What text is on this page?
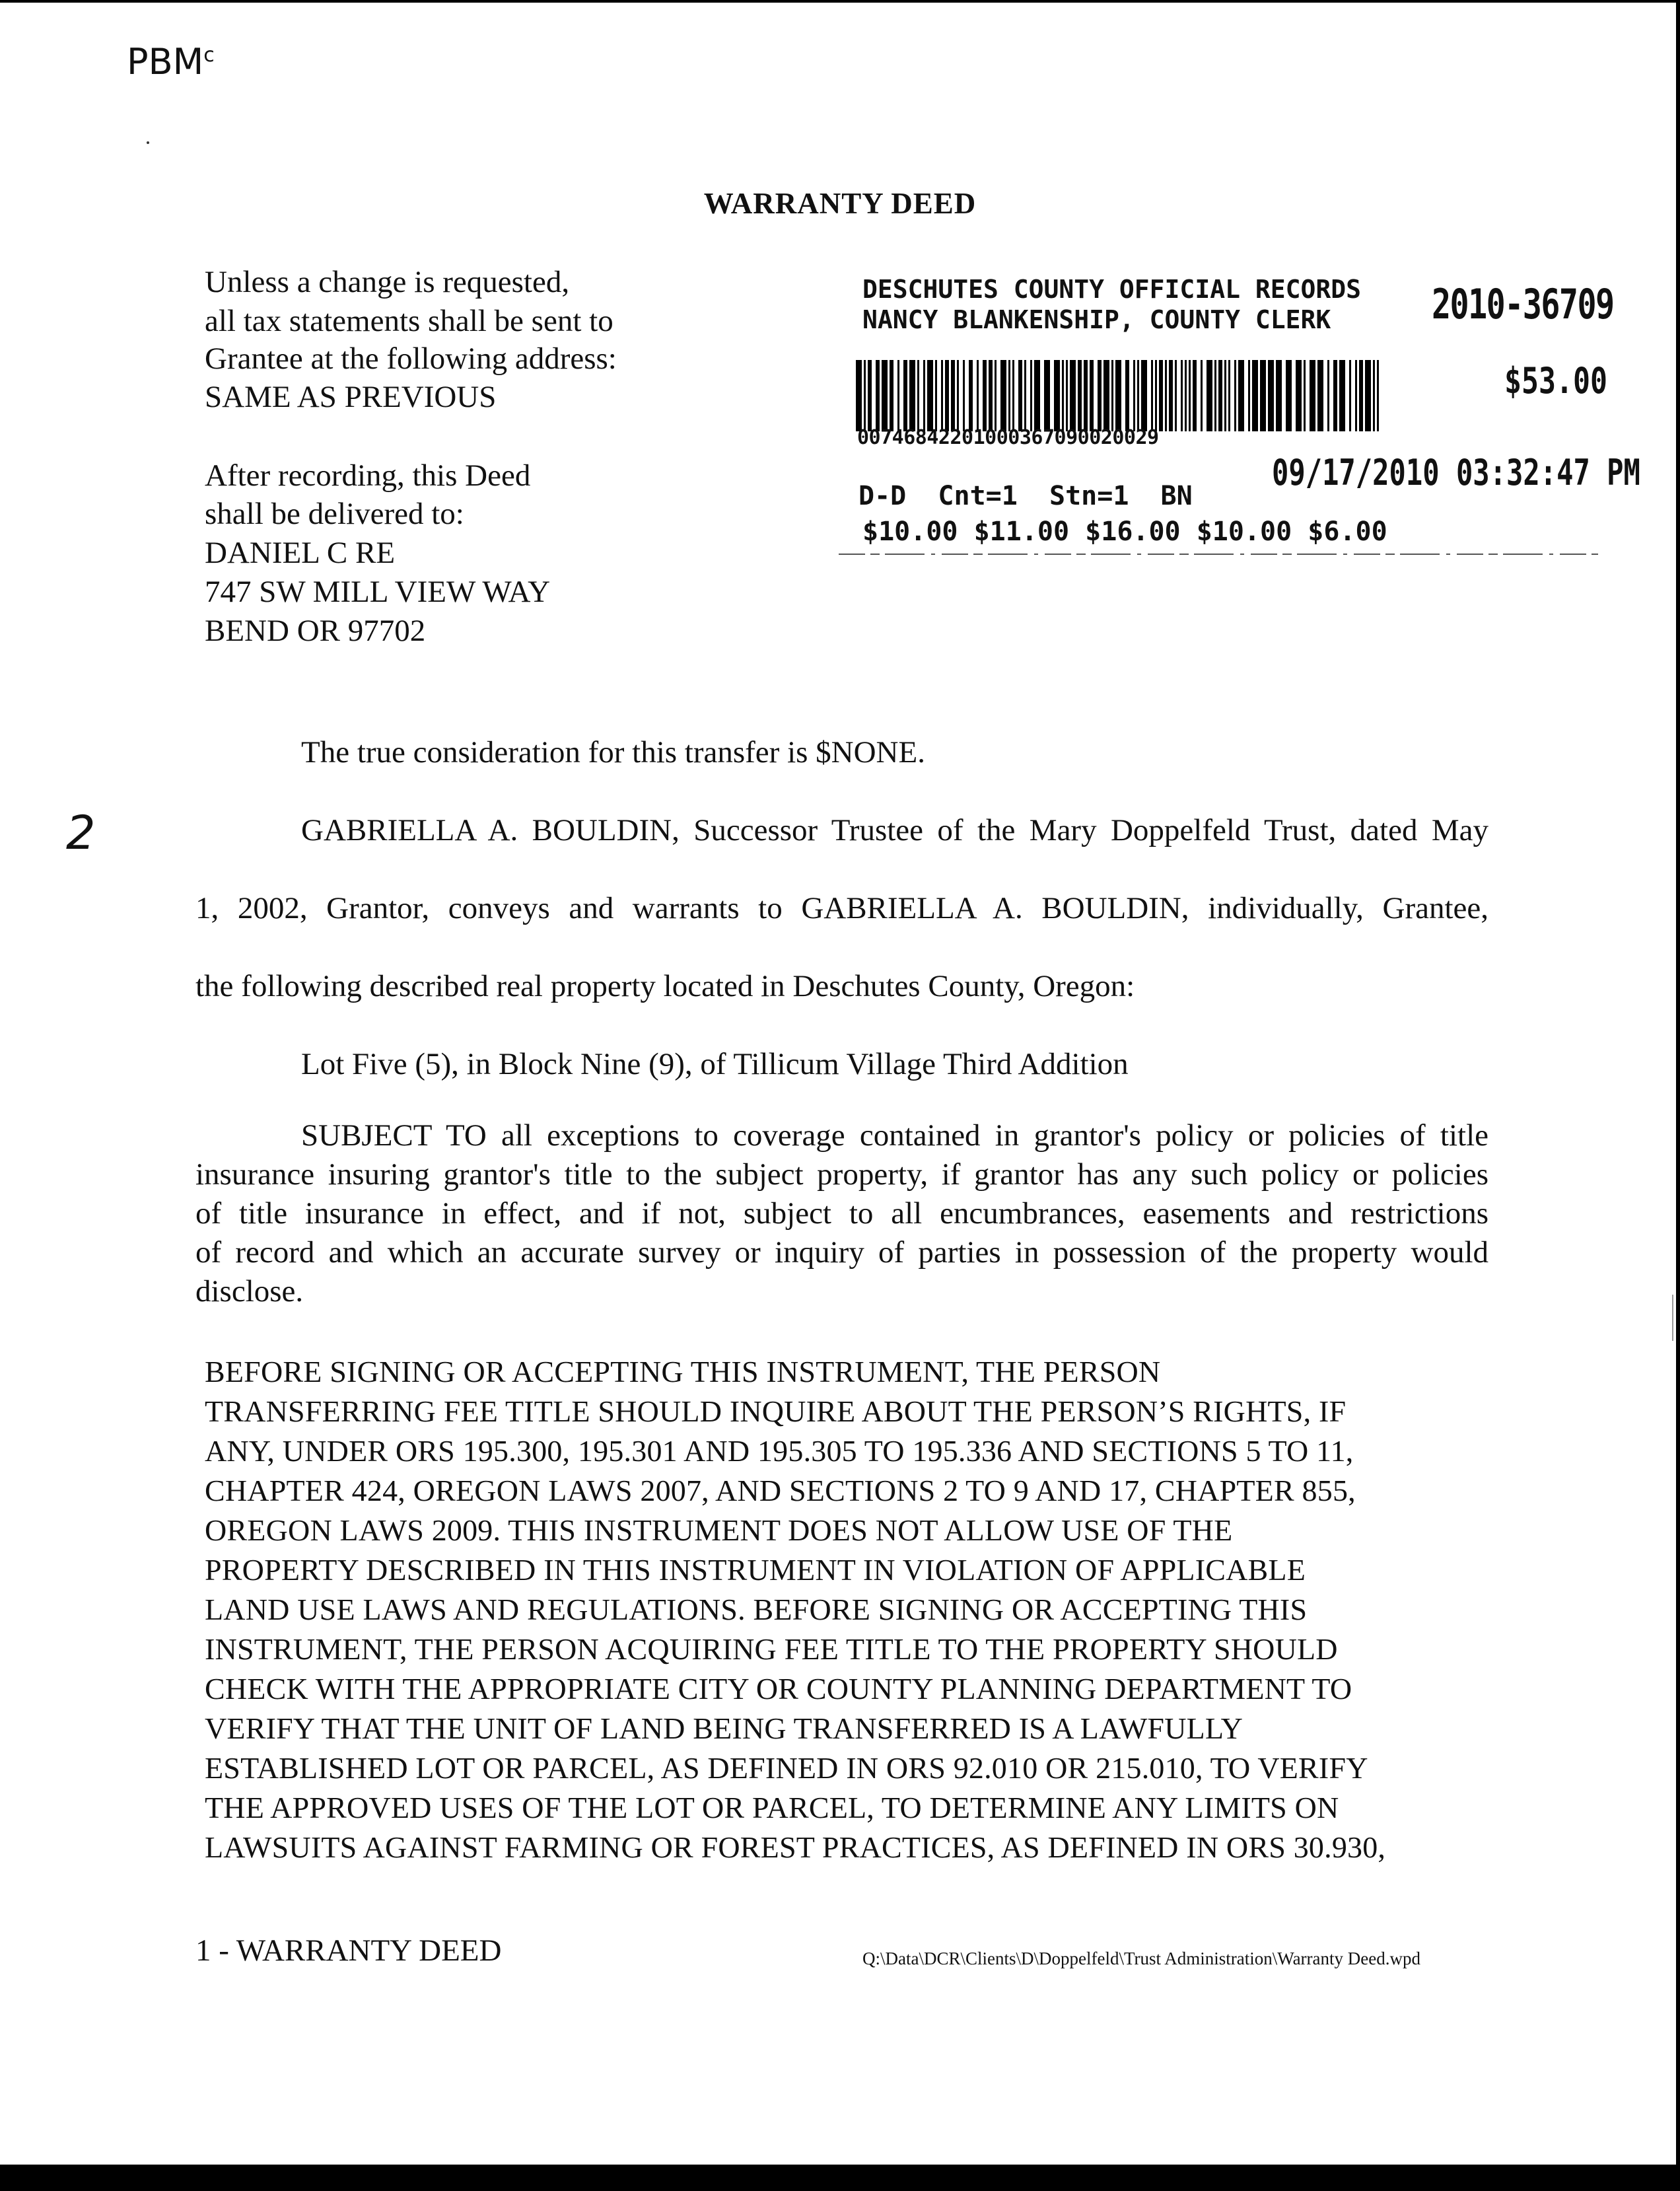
PBM$^c$
2
WARRANTY DEED
Unless a change is requested,
all tax statements shall be sent to
Grantee at the following address:
SAME AS PREVIOUS
After recording, this Deed
shall be delivered to:
DANIEL C RE
747 SW MILL VIEW WAY
BEND OR 97702
DESCHUTES COUNTY OFFICIAL RECORDS
NANCY BLANKENSHIP, COUNTY CLERK 2010-36709
$53.00
00746842201000367090020029
09/17/2010 03:32:47 PM
D-D  Cnt=1  Stn=1  BN
$10.00 $11.00 $16.00 $10.00 $6.00
The true consideration for this transfer is $NONE.
GABRIELLA A. BOULDIN, Successor Trustee of the Mary Doppelfeld Trust, dated May
1, 2002, Grantor, conveys and warrants to GABRIELLA A. BOULDIN, individually, Grantee,
the following described real property located in Deschutes County, Oregon:
Lot Five (5), in Block Nine (9), of Tillicum Village Third Addition
SUBJECT TO all exceptions to coverage contained in grantor's policy or policies of title
insurance insuring grantor's title to the subject property, if grantor has any such policy or policies
of title insurance in effect, and if not, subject to all encumbrances, easements and restrictions
of record and which an accurate survey or inquiry of parties in possession of the property would
disclose.
BEFORE SIGNING OR ACCEPTING THIS INSTRUMENT, THE PERSON
TRANSFERRING FEE TITLE SHOULD INQUIRE ABOUT THE PERSON’S RIGHTS, IF
ANY, UNDER ORS 195.300, 195.301 AND 195.305 TO 195.336 AND SECTIONS 5 TO 11,
CHAPTER 424, OREGON LAWS 2007, AND SECTIONS 2 TO 9 AND 17, CHAPTER 855,
OREGON LAWS 2009. THIS INSTRUMENT DOES NOT ALLOW USE OF THE
PROPERTY DESCRIBED IN THIS INSTRUMENT IN VIOLATION OF APPLICABLE
LAND USE LAWS AND REGULATIONS. BEFORE SIGNING OR ACCEPTING THIS
INSTRUMENT, THE PERSON ACQUIRING FEE TITLE TO THE PROPERTY SHOULD
CHECK WITH THE APPROPRIATE CITY OR COUNTY PLANNING DEPARTMENT TO
VERIFY THAT THE UNIT OF LAND BEING TRANSFERRED IS A LAWFULLY
ESTABLISHED LOT OR PARCEL, AS DEFINED IN ORS 92.010 OR 215.010, TO VERIFY
THE APPROVED USES OF THE LOT OR PARCEL, TO DETERMINE ANY LIMITS ON
LAWSUITS AGAINST FARMING OR FOREST PRACTICES, AS DEFINED IN ORS 30.930,
1 - WARRANTY DEED	Q:\Data\DCR\Clients\D\Doppelfeld\Trust Administration\Warranty Deed.wpd
